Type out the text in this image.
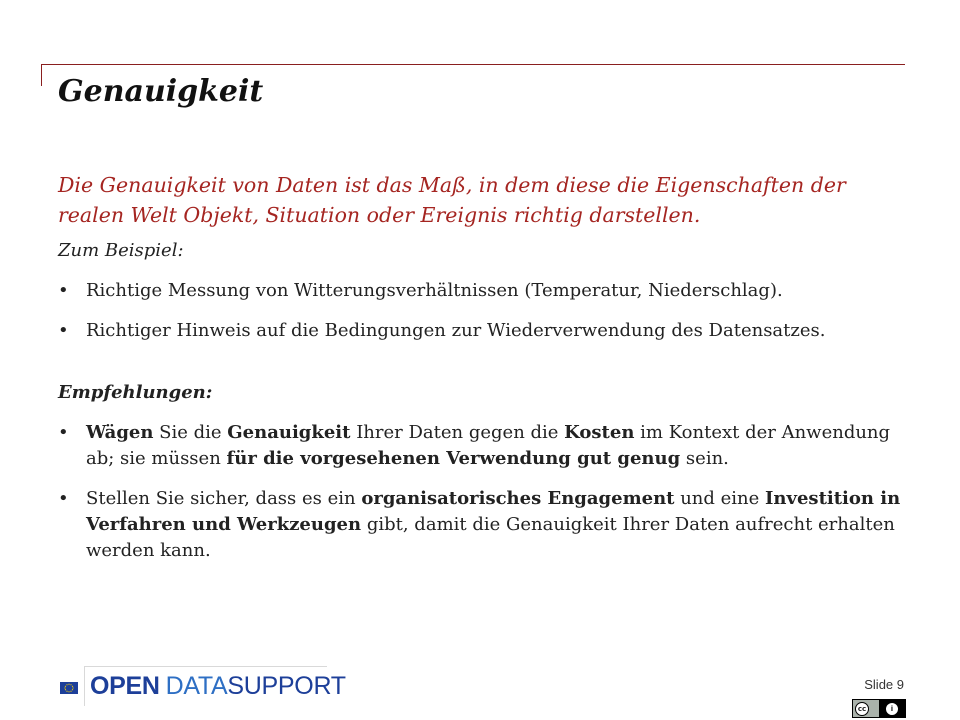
Genauigkeit

Die Genauigkeit von Daten ist das Maß, in dem diese die Eigenschaften der realen Welt Objekt, Situation oder Ereignis richtig darstellen.

Zum Beispiel:

• Richtige Messung von Witterungsverhältnissen (Temperatur, Niederschlag).

• Richtiger Hinweis auf die Bedingungen zur Wiederverwendung des Datensatzes.

Empfehlungen:

• Wägen Sie die Genauigkeit Ihrer Daten gegen die Kosten im Kontext der Anwendung ab; sie müssen für die vorgesehenen Verwendung gut genug sein.

• Stellen Sie sicher, dass es ein organisatorisches Engagement und eine Investition in Verfahren und Werkzeugen gibt, damit die Genauigkeit Ihrer Daten aufrecht erhalten werden kann.

OPEN DATASUPPORT	Slide 9
cc	i
